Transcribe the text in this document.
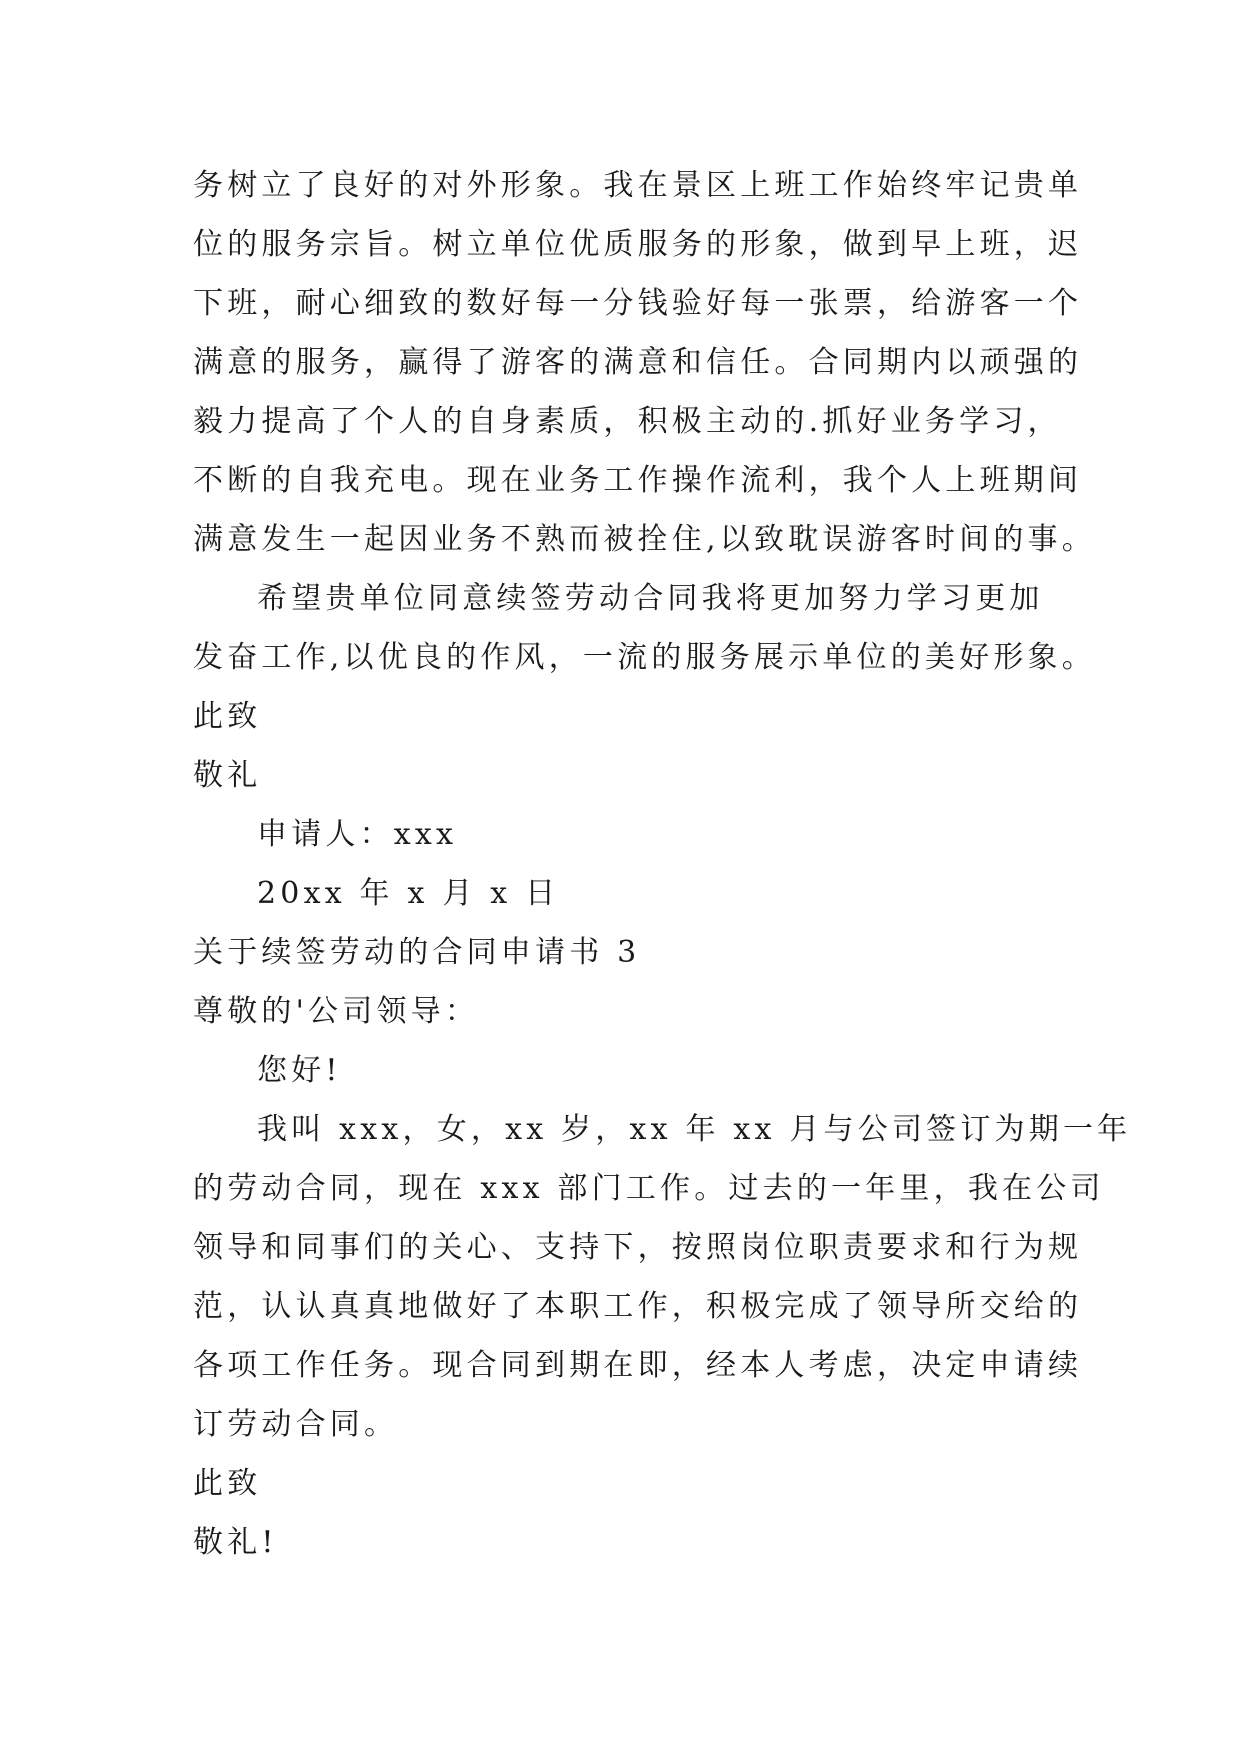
务树立了良好的对外形象。我在景区上班工作始终牢记贵单
位的服务宗旨。树立单位优质服务的形象，做到早上班，迟
下班，耐心细致的数好每一分钱验好每一张票，给游客一个
满意的服务，赢得了游客的满意和信任。合同期内以顽强的
毅力提高了个人的自身素质，积极主动的.抓好业务学习，
不断的自我充电。现在业务工作操作流利，我个人上班期间
满意发生一起因业务不熟而被拴住,以致耽误游客时间的事。
希望贵单位同意续签劳动合同我将更加努力学习更加
发奋工作,以优良的作风，一流的服务展示单位的美好形象。
此致
敬礼
申请人：xxx
20xx 年 x 月 x 日
关于续签劳动的合同申请书 3
尊敬的'公司领导：
您好!
我叫 xxx，女，xx 岁，xx 年 xx 月与公司签订为期一年
的劳动合同，现在 xxx 部门工作。过去的一年里，我在公司
领导和同事们的关心、支持下，按照岗位职责要求和行为规
范，认认真真地做好了本职工作，积极完成了领导所交给的
各项工作任务。现合同到期在即，经本人考虑，决定申请续
订劳动合同。
此致
敬礼!
